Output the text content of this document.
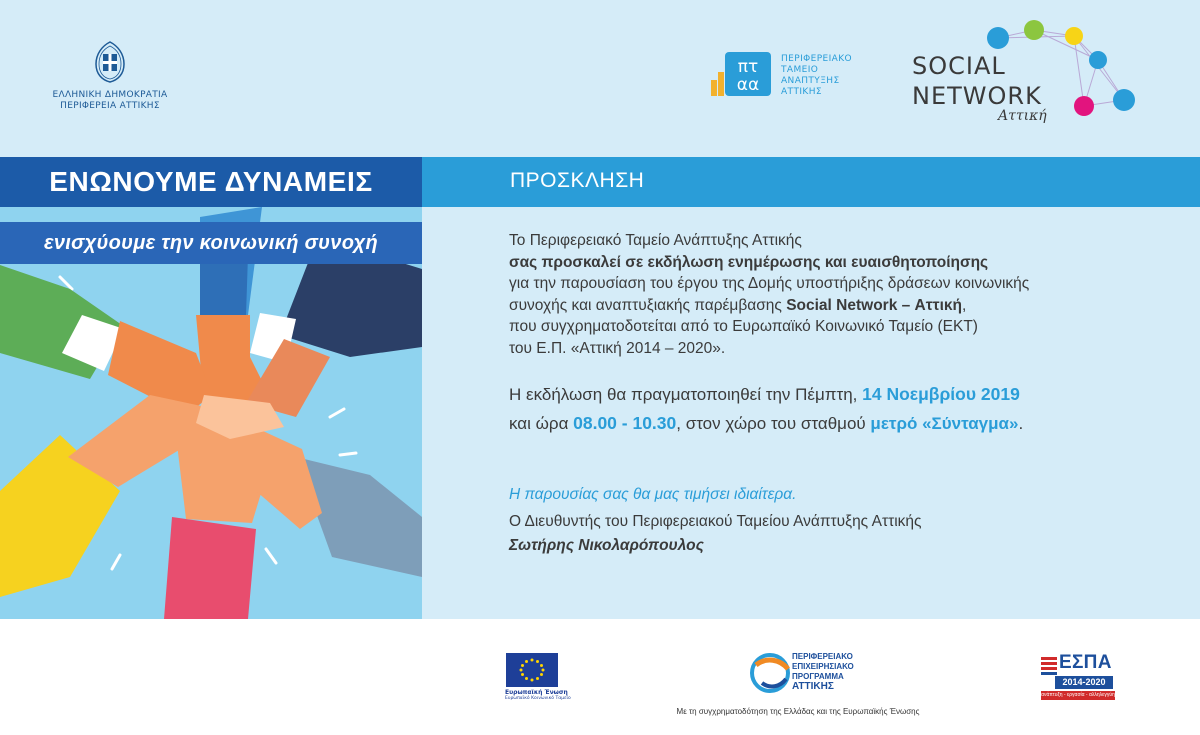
ΕΛΛΗΝΙΚΗ ΔΗΜΟΚΡΑΤΙΑ
ΠΕΡΙΦΕΡΕΙΑ ΑΤΤΙΚΗΣ
πτ
αα
ΠΕΡΙΦΕΡΕΙΑΚΟ
ΤΑΜΕΙΟ
ΑΝΑΠΤΥΞΗΣ
ΑΤΤΙΚΗΣ
SOCIAL
NETWORK
Αττική
ΕΝΩΝΟΥΜΕ ΔΥΝΑΜΕΙΣ
ενισχύουμε την κοινωνική συνοχή
ΠΡΟΣΚΛΗΣΗ

Το Περιφερειακό Ταμείο Ανάπτυξης Αττικής

σας προσκαλεί σε εκδήλωση ενημέρωσης και ευαισθητοποίησης

για την παρουσίαση του έργου της Δομής υποστήριξης δράσεων κοινωνικής

συνοχής και αναπτυξιακής παρέμβασης Social Network – Αττική,

που συγχρηματοδοτείται από το Ευρωπαϊκό Κοινωνικό Ταμείο (ΕΚΤ)

του Ε.Π. «Αττική 2014 – 2020».

Η εκδήλωση θα πραγματοποιηθεί την Πέμπτη, 14 Νοεμβρίου 2019

και ώρα 08.00 - 10.30, στον χώρο του σταθμού μετρό «Σύνταγμα».

Η παρουσίας σας θα μας τιμήσει ιδιαίτερα.

Ο Διευθυντής του Περιφερειακού Ταμείου Ανάπτυξης Αττικής

Σωτήρης Νικολαρόπουλος

Ευρωπαϊκή Ένωση
Ευρωπαϊκό Κοινωνικό Ταμείο
ΠΕΡΙΦΕΡΕΙΑΚΟ
ΕΠΙΧΕΙΡΗΣΙΑΚΟ
ΠΡΟΓΡΑΜΜΑ
ΑΤΤΙΚΗΣ
ΕΣΠΑ
2014-2020
ανάπτυξη - εργασία - αλληλεγγύη
Με τη συγχρηματοδότηση της Ελλάδας και της Ευρωπαϊκής Ένωσης
